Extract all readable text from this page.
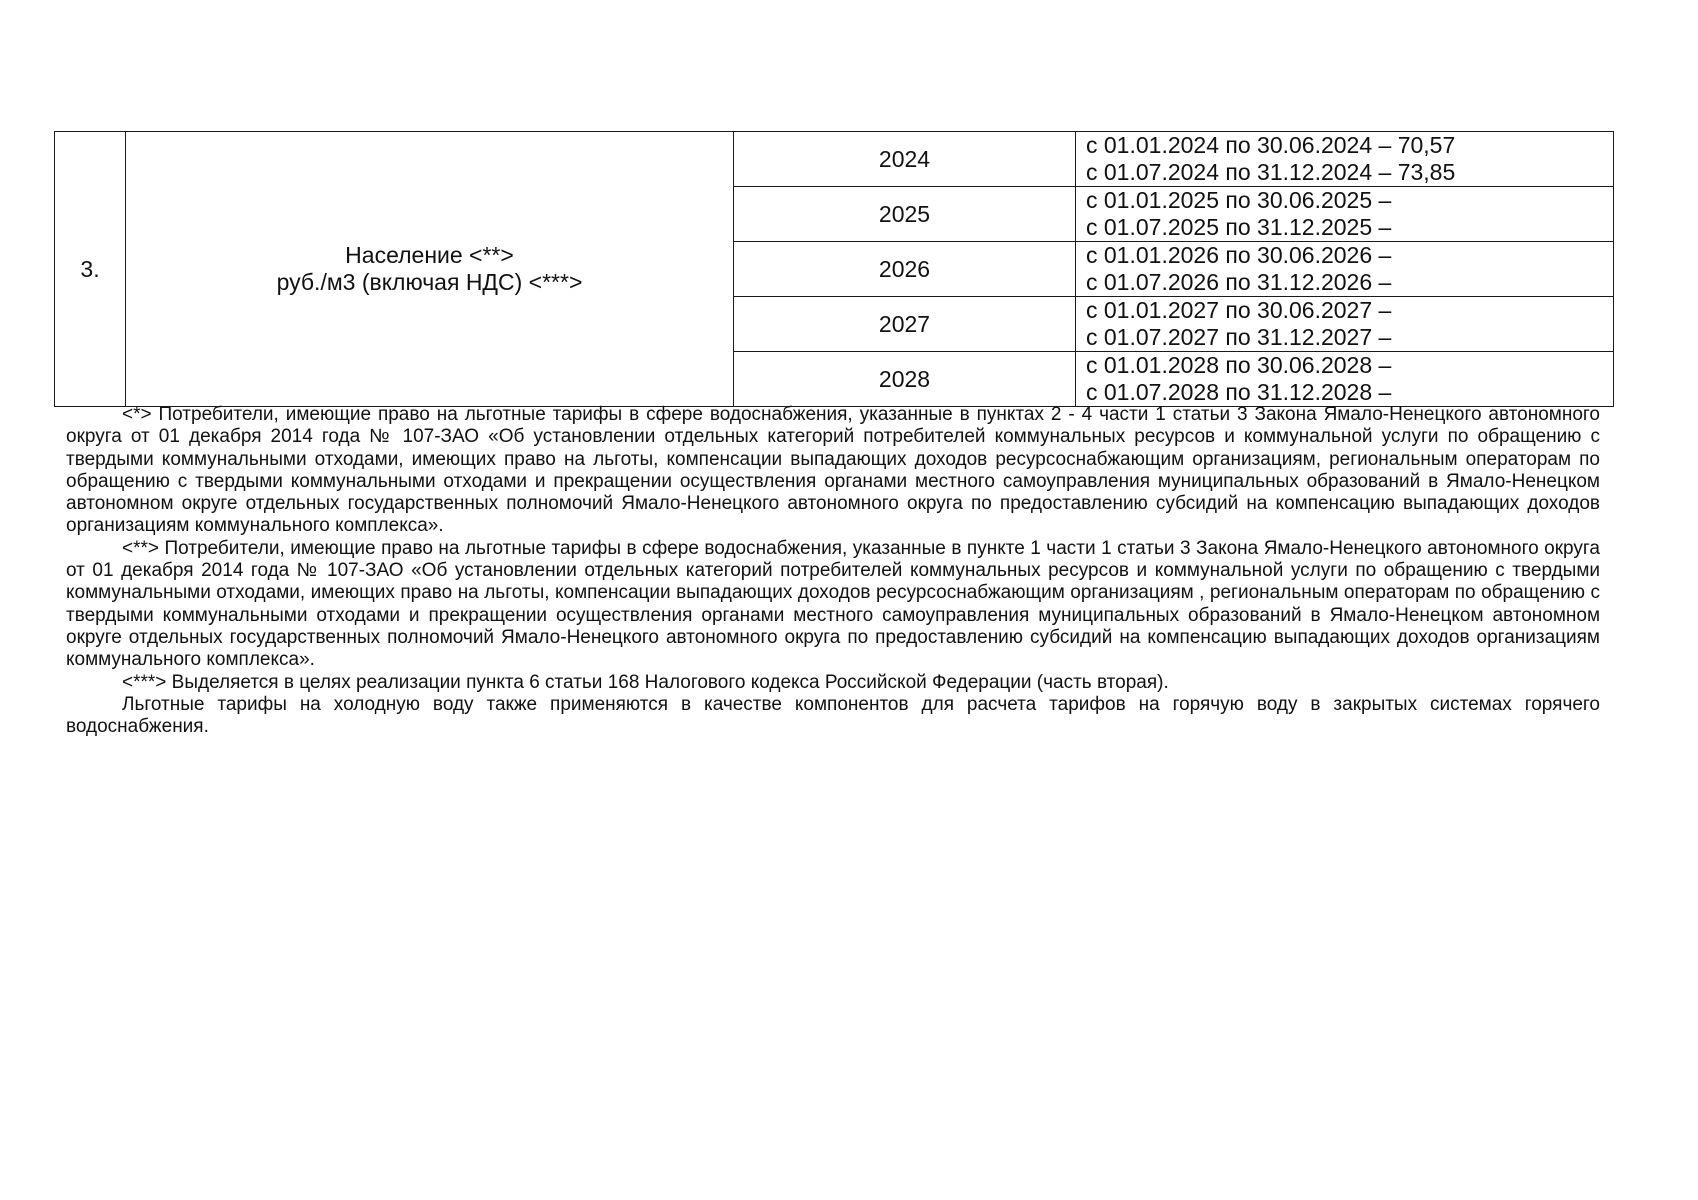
3.	Население <**>
руб./м3 (включая НДС) <***>	2024	с 01.01.2024 по 30.06.2024 – 70,57
с 01.07.2024 по 31.12.2024 – 73,85

		2025	с 01.01.2025 по 30.06.2025 –
с 01.07.2025 по 31.12.2025 –

		2026	с 01.01.2026 по 30.06.2026 –
с 01.07.2026 по 31.12.2026 –

		2027	с 01.01.2027 по 30.06.2027 –
с 01.07.2027 по 31.12.2027 –

		2028	с 01.01.2028 по 30.06.2028 –
с 01.07.2028 по 31.12.2028 –

<*> Потребители, имеющие право на льготные тарифы в сфере водоснабжения, указанные в пунктах 2 - 4 части 1 статьи 3 Закона Ямало-Ненецкого автономного округа от 01 декабря 2014 года № 107-ЗАО «Об установлении отдельных категорий потребителей коммунальных ресурсов и коммунальной услуги по обращению с твердыми коммунальными отходами, имеющих право на льготы, компенсации выпадающих доходов ресурсоснабжающим организациям, региональным операторам по обращению с твердыми коммунальными отходами и прекращении осуществления органами местного самоуправления муниципальных образований в Ямало-Ненецком автономном округе отдельных государственных полномочий Ямало-Ненецкого автономного округа по предоставлению субсидий на компенсацию выпадающих доходов организациям коммунального комплекса».

<**> Потребители, имеющие право на льготные тарифы в сфере водоснабжения, указанные в пункте 1 части 1 статьи 3 Закона Ямало-Ненецкого автономного округа от 01 декабря 2014 года № 107-ЗАО «Об установлении отдельных категорий потребителей коммунальных ресурсов и коммунальной услуги по обращению с твердыми коммунальными отходами, имеющих право на льготы, компенсации выпадающих доходов ресурсоснабжающим организациям , региональным операторам по обращению с твердыми коммунальными отходами и прекращении осуществления органами местного самоуправления муниципальных образований в Ямало-Ненецком автономном округе отдельных государственных полномочий Ямало-Ненецкого автономного округа по предоставлению субсидий на компенсацию выпадающих доходов организациям коммунального комплекса».

<***> Выделяется в целях реализации пункта 6 статьи 168 Налогового кодекса Российской Федерации (часть вторая).

Льготные тарифы на холодную воду также применяются в качестве компонентов для расчета тарифов на горячую воду в закрытых системах горячего водоснабжения.
